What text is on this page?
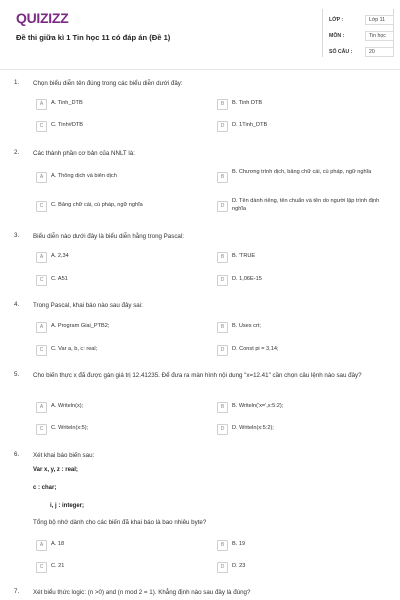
QUIZIZZ
Đề thi giữa kì 1 Tin học 11 có đáp án (Đề 1)
LỚP :	Lớp 11
MÔN :	Tin học
SỐ CÂU :	20
1. Chọn biểu diễn tên đúng trong các biểu diễn dưới đây:
A	A. Tinh_DTB	B	B. Tinh DTB
C	C. Tinh#DTB	D	D. 1Tinh_DTB
2. Các thành phần cơ bản của NNLT là:
A	A. Thông dịch và biên dịch	B
B. Chương trình dịch, bảng chữ cái, cú pháp, ngữ nghĩa
C	C. Bảng chữ cái, cú pháp, ngữ nghĩa	D
D. Tên dành riêng, tên chuẩn và tên do người lập trình định nghĩa
3. Biểu diễn nào dưới đây là biểu diễn hằng trong Pascal:
A	A. 2,34	B	B. 'TRUE
C	C. A51	D	D. 1,06E-15
4. Trong Pascal, khai báo nào sau đây sai:
A	A. Program Giai_PTB2;	B	B. Uses crt;
C	C. Var a, b, c: real;	D	D. Const pi = 3,14;
5. Cho biến thực x đã được gán giá trị 12.41235. Để đưa ra màn hình nội dung "x=12.41" cần chọn câu lệnh nào sau đây?
A	A. Writeln(x);	B	B. Writeln('x=',x:5:2);
C	C. Writeln(x:5);	D	D. Writeln(x:5:2);
6. Xét khai báo biến sau:
Var x, y, z : real;
c : char;
i, j : integer;
Tổng bộ nhớ dành cho các biến đã khai báo là bao nhiêu byte?
A	A. 18	B	B. 19
C	C. 21	D	D. 23
7. Xét biểu thức logic: (n >0) and (n mod 2 = 1). Khẳng định nào sau đây là đúng?
